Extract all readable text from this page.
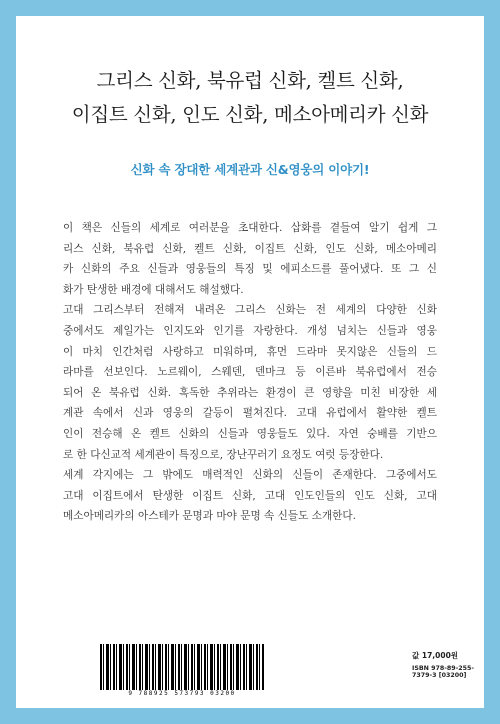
그리스 신화, 북유럽 신화, 켈트 신화,
이집트 신화, 인도 신화, 메소아메리카 신화
신화 속 장대한 세계관과 신&영웅의 이야기!
이 책은 신들의 세계로 여러분을 초대한다. 삽화를 곁들여 알기 쉽게 그
리스 신화, 북유럽 신화, 켈트 신화, 이집트 신화, 인도 신화, 메소아메리
카 신화의 주요 신들과 영웅들의 특징 및 에피소드를 풀어냈다. 또 그 신
화가 탄생한 배경에 대해서도 해설했다.
고대 그리스부터 전해져 내려온 그리스 신화는 전 세계의 다양한 신화
중에서도 제일가는 인지도와 인기를 자랑한다. 개성 넘치는 신들과 영웅
이 마치 인간처럼 사랑하고 미워하며, 휴먼 드라마 못지않은 신들의 드
라마를 선보인다. 노르웨이, 스웨덴, 덴마크 등 이른바 북유럽에서 전승
되어 온 북유럽 신화. 혹독한 추위라는 환경이 큰 영향을 미친 비장한 세
계관 속에서 신과 영웅의 갈등이 펼쳐진다. 고대 유럽에서 활약한 켈트
인이 전승해 온 켈트 신화의 신들과 영웅들도 있다. 자연 숭배를 기반으
로 한 다신교적 세계관이 특징으로, 장난꾸러기 요정도 여럿 등장한다.
세계 각지에는 그 밖에도 매력적인 신화의 신들이 존재한다. 그중에서도
고대 이집트에서 탄생한 이집트 신화, 고대 인도인들의 인도 신화, 고대
메소아메리카의 아스테카 문명과 마야 문명 속 신들도 소개한다.
9 788925 573793 03200
값 17,000원
ISBN 978-89-255-7379-3 [03200]
